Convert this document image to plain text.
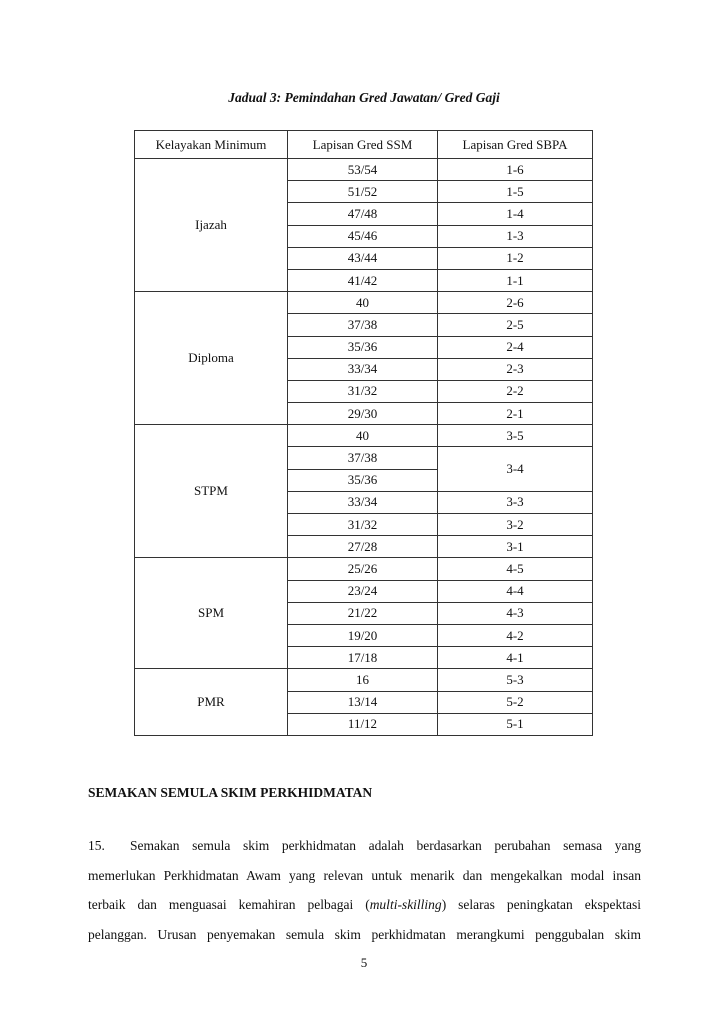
Jadual 3: Pemindahan Gred Jawatan/ Gred Gaji

Kelayakan Minimum	Lapisan Gred SSM	Lapisan Gred SBPA
Ijazah	53/54	1-6
	51/52	1-5
	47/48	1-4
	45/46	1-3
	43/44	1-2
	41/42	1-1
Diploma	40	2-6
	37/38	2-5
	35/36	2-4
	33/34	2-3
	31/32	2-2
	29/30	2-1
STPM	40	3-5
	37/38	3-4
	35/36	
	33/34	3-3
	31/32	3-2
	27/28	3-1
SPM	25/26	4-5
	23/24	4-4
	21/22	4-3
	19/20	4-2
	17/18	4-1
PMR	16	5-3
	13/14	5-2
	11/12	5-1

SEMAKAN SEMULA SKIM PERKHIDMATAN

15. Semakan semula skim perkhidmatan adalah berdasarkan perubahan semasa yang
memerlukan Perkhidmatan Awam yang relevan untuk menarik dan mengekalkan modal insan
terbaik dan menguasai kemahiran pelbagai (multi-skilling) selaras peningkatan ekspektasi
pelanggan. Urusan penyemakan semula skim perkhidmatan merangkumi penggubalan skim

5
